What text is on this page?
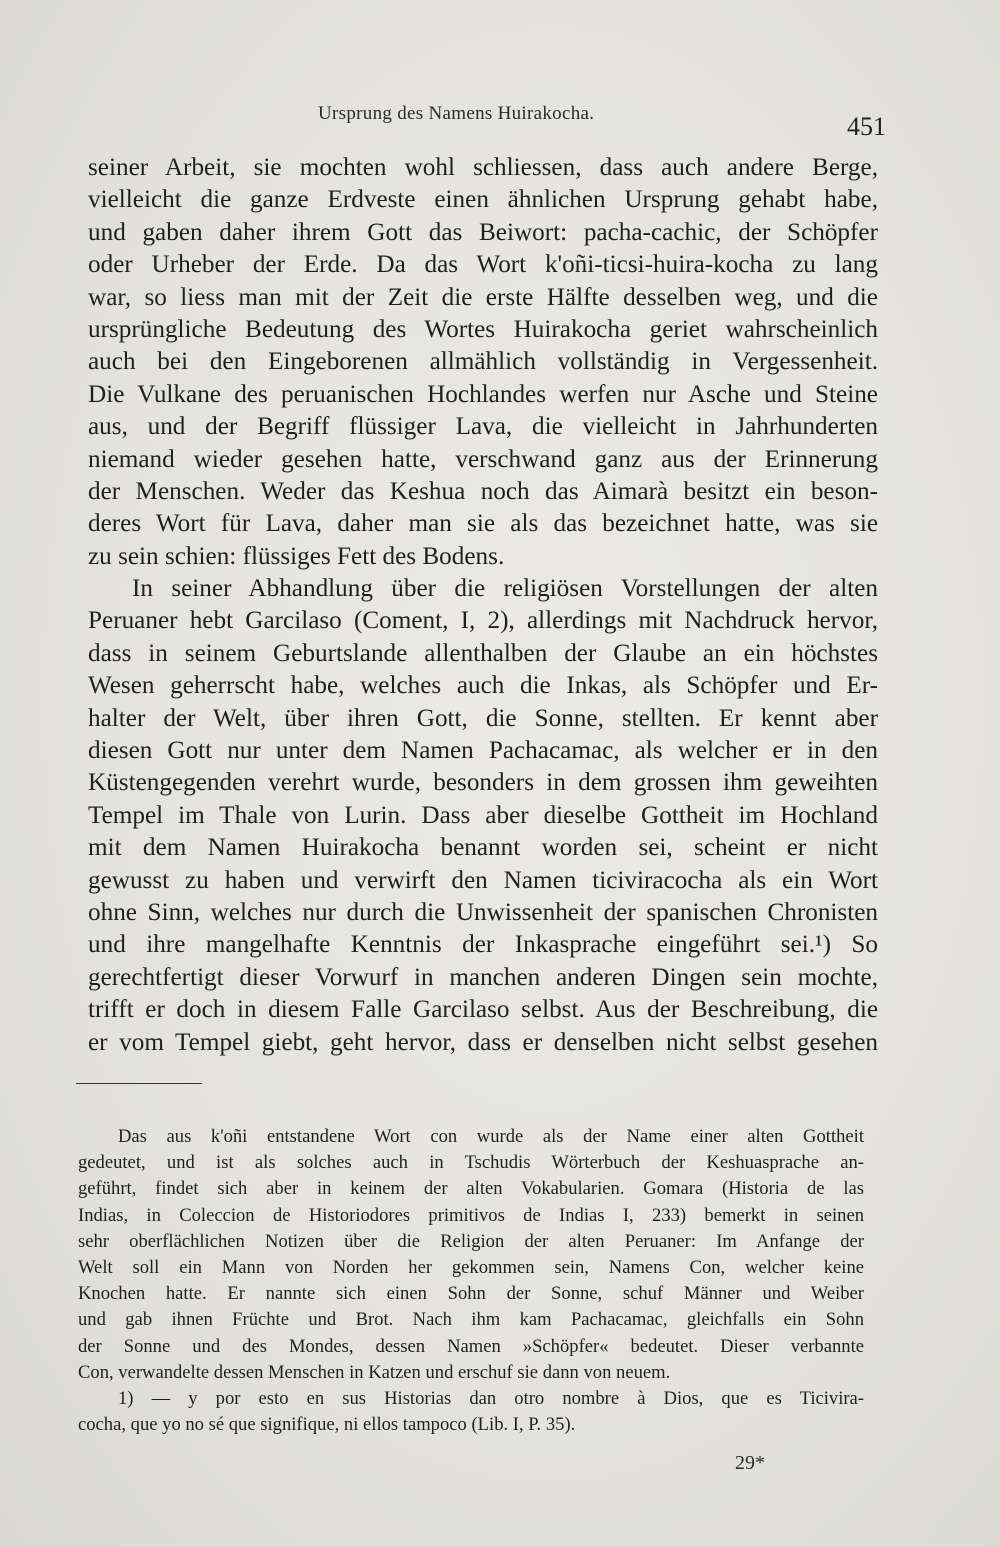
Ursprung des Namens Huirakocha.	451
seiner Arbeit, sie mochten wohl schliessen, dass auch andere Berge,
vielleicht die ganze Erdveste einen ähnlichen Ursprung gehabt habe,
und gaben daher ihrem Gott das Beiwort: pacha-cachic, der Schöpfer
oder Urheber der Erde. Da das Wort k'oñi-ticsi-huira-kocha zu lang
war, so liess man mit der Zeit die erste Hälfte desselben weg, und die
ursprüngliche Bedeutung des Wortes Huirakocha geriet wahrscheinlich
auch bei den Eingeborenen allmählich vollständig in Vergessenheit.
Die Vulkane des peruanischen Hochlandes werfen nur Asche und Steine
aus, und der Begriff flüssiger Lava, die vielleicht in Jahrhunderten
niemand wieder gesehen hatte, verschwand ganz aus der Erinnerung
der Menschen. Weder das Keshua noch das Aimarà besitzt ein beson-
deres Wort für Lava, daher man sie als das bezeichnet hatte, was sie
zu sein schien: flüssiges Fett des Bodens.
In seiner Abhandlung über die religiösen Vorstellungen der alten
Peruaner hebt Garcilaso (Coment, I, 2), allerdings mit Nachdruck hervor,
dass in seinem Geburtslande allenthalben der Glaube an ein höchstes
Wesen geherrscht habe, welches auch die Inkas, als Schöpfer und Er-
halter der Welt, über ihren Gott, die Sonne, stellten. Er kennt aber
diesen Gott nur unter dem Namen Pachacamac, als welcher er in den
Küstengegenden verehrt wurde, besonders in dem grossen ihm geweihten
Tempel im Thale von Lurin. Dass aber dieselbe Gottheit im Hochland
mit dem Namen Huirakocha benannt worden sei, scheint er nicht
gewusst zu haben und verwirft den Namen ticiviracocha als ein Wort
ohne Sinn, welches nur durch die Unwissenheit der spanischen Chronisten
und ihre mangelhafte Kenntnis der Inkasprache eingeführt sei.¹) So
gerechtfertigt dieser Vorwurf in manchen anderen Dingen sein mochte,
trifft er doch in diesem Falle Garcilaso selbst. Aus der Beschreibung, die
er vom Tempel giebt, geht hervor, dass er denselben nicht selbst gesehen
Das aus k'oñi entstandene Wort con wurde als der Name einer alten Gottheit
gedeutet, und ist als solches auch in Tschudis Wörterbuch der Keshuasprache an-
geführt, findet sich aber in keinem der alten Vokabularien. Gomara (Historia de las
Indias, in Coleccion de Historiodores primitivos de Indias I, 233) bemerkt in seinen
sehr oberflächlichen Notizen über die Religion der alten Peruaner: Im Anfange der
Welt soll ein Mann von Norden her gekommen sein, Namens Con, welcher keine
Knochen hatte. Er nannte sich einen Sohn der Sonne, schuf Männer und Weiber
und gab ihnen Früchte und Brot. Nach ihm kam Pachacamac, gleichfalls ein Sohn
der Sonne und des Mondes, dessen Namen »Schöpfer« bedeutet. Dieser verbannte
Con, verwandelte dessen Menschen in Katzen und erschuf sie dann von neuem.
1) — y por esto en sus Historias dan otro nombre à Dios, que es Ticivira-
cocha, que yo no sé que signifique, ni ellos tampoco (Lib. I, P. 35).
29*
